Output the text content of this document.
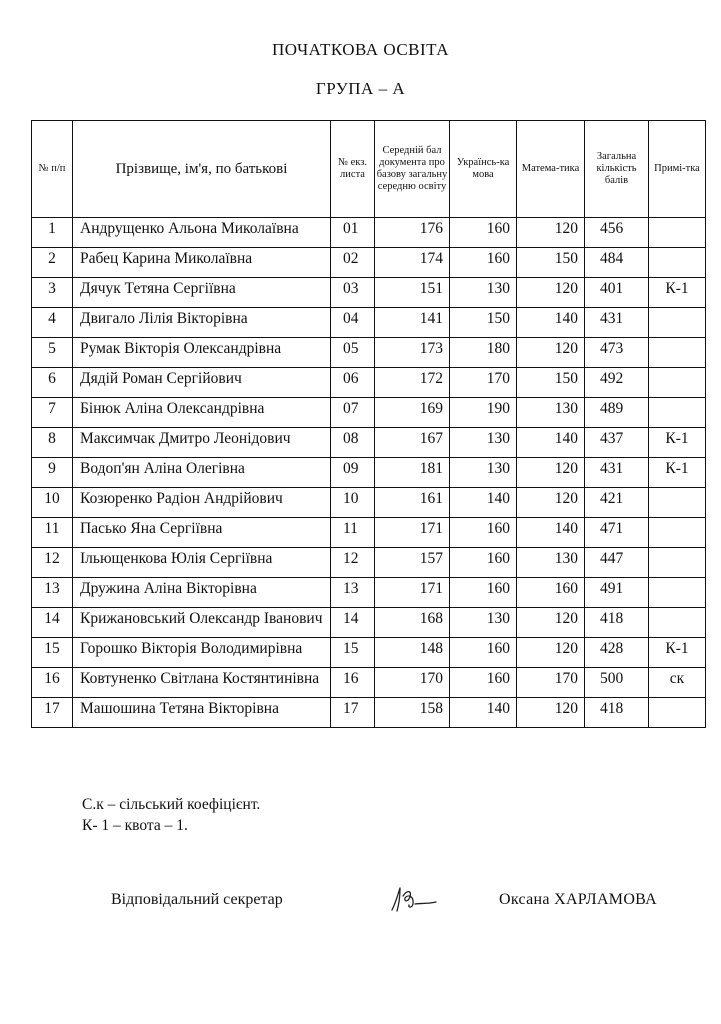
ПОЧАТКОВА ОСВІТА
ГРУПА – А
№ п/п	Прізвище, ім'я, по батькові	№ екз. листа	Середній бал документа про базову загальну середню освіту	Українсь-ка мова	Матема-тика	Загальна кількість балів	Примі-тка
1	Андрущенко Альона Миколаївна	01	176	160	120	456	
2	Рабец Карина Миколаївна	02	174	160	150	484	
3	Дячук Тетяна Сергіївна	03	151	130	120	401	К-1
4	Двигало Лілія Вікторівна	04	141	150	140	431	
5	Румак Вікторія Олександрівна	05	173	180	120	473	
6	Дядій Роман Сергійович	06	172	170	150	492	
7	Бінюк Аліна Олександрівна	07	169	190	130	489	
8	Максимчак Дмитро Леонідович	08	167	130	140	437	К-1
9	Водоп'ян Аліна Олегівна	09	181	130	120	431	К-1
10	Козюренко Радіон Андрійович	10	161	140	120	421	
11	Пасько Яна Сергіївна	11	171	160	140	471	
12	Ільющенкова Юлія Сергіївна	12	157	160	130	447	
13	Дружина Аліна Вікторівна	13	171	160	160	491	
14	Крижановський Олександр Іванович	14	168	130	120	418	
15	Горошко Вікторія Володимирівна	15	148	160	120	428	К-1
16	Ковтуненко Світлана Костянтинівна	16	170	160	170	500	ск
17	Машошина Тетяна Вікторівна	17	158	140	120	418	
С.к – сільський коефіцієнт.
К- 1 – квота – 1.
Відповідальний секретар	Оксана ХАРЛАМОВА
